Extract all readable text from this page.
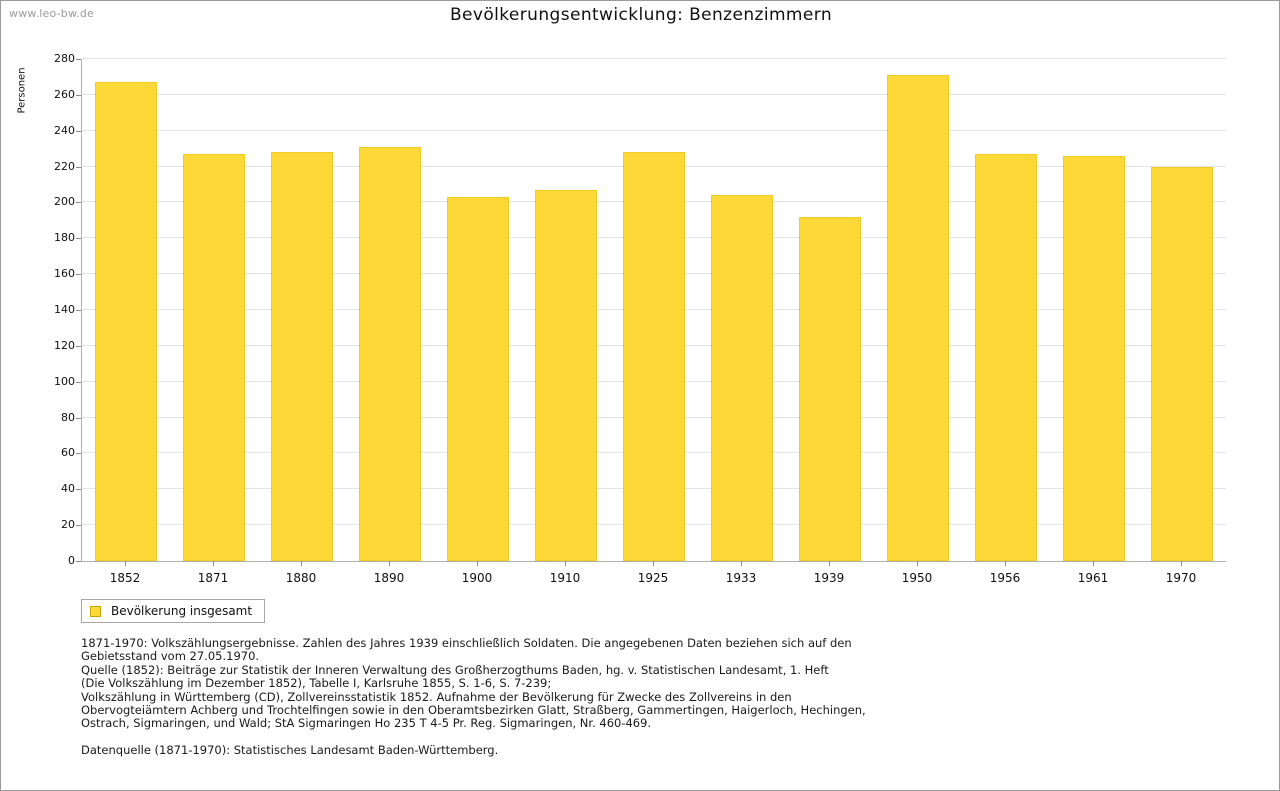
www.leo-bw.de	Bevölkerungsentwicklung: Benzenzimmern
Personen
Bevölkerung insgesamt
1871-1970: Volkszählungsergebnisse. Zahlen des Jahres 1939 einschließlich Soldaten. Die angegebenen Daten beziehen sich auf den
Gebietsstand vom 27.05.1970.
Quelle (1852): Beiträge zur Statistik der Inneren Verwaltung des Großherzogthums Baden, hg. v. Statistischen Landesamt, 1. Heft
(Die Volkszählung im Dezember 1852), Tabelle I, Karlsruhe 1855, S. 1-6, S. 7-239;
Volkszählung in Württemberg (CD), Zollvereinsstatistik 1852. Aufnahme der Bevölkerung für Zwecke des Zollvereins in den
Obervogteiämtern Achberg und Trochtelfingen sowie in den Oberamtsbezirken Glatt, Straßberg, Gammertingen, Haigerloch, Hechingen,
Ostrach, Sigmaringen, und Wald; StA Sigmaringen Ho 235 T 4-5 Pr. Reg. Sigmaringen, Nr. 460-469.
Datenquelle (1871-1970): Statistisches Landesamt Baden-Württemberg.
0
20
40
60
80
100
120
140
160
180
200
220
240
260
280
1852	1871	1880	1890	1900	1910	1925	1933	1939	1950	1956	1961	1970
